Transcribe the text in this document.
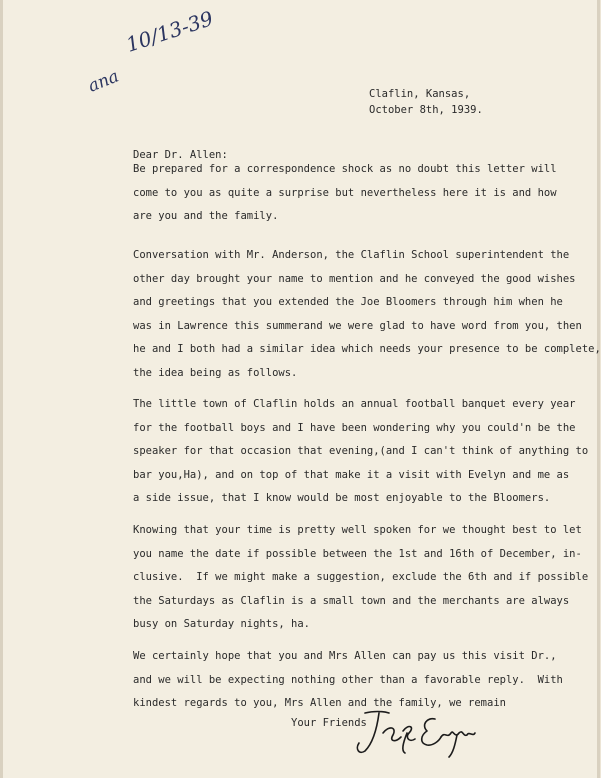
10/13-39
ana	Claflin, Kansas,
October 8th, 1939.
Dear Dr. Allen:
Be prepared for a correspondence shock as no doubt this letter will
come to you as quite a surprise but nevertheless here it is and how
are you and the family.
Conversation with Mr. Anderson, the Claflin School superintendent the
other day brought your name to mention and he conveyed the good wishes
and greetings that you extended the Joe Bloomers through him when he
was in Lawrence this summerand we were glad to have word from you, then
he and I both had a similar idea which needs your presence to be complete,
the idea being as follows.
The little town of Claflin holds an annual football banquet every year
for the football boys and I have been wondering why you could'n be the
speaker for that occasion that evening,(and I can't think of anything to
bar you,Ha), and on top of that make it a visit with Evelyn and me as
a side issue, that I know would be most enjoyable to the Bloomers.
Knowing that your time is pretty well spoken for we thought best to let
you name the date if possible between the 1st and 16th of December, in-
clusive.  If we might make a suggestion, exclude the 6th and if possible
the Saturdays as Claflin is a small town and the merchants are always
busy on Saturday nights, ha.
We certainly hope that you and Mrs Allen can pay us this visit Dr.,
and we will be expecting nothing other than a favorable reply.  With
kindest regards to you, Mrs Allen and the family, we remain
Your Friends
